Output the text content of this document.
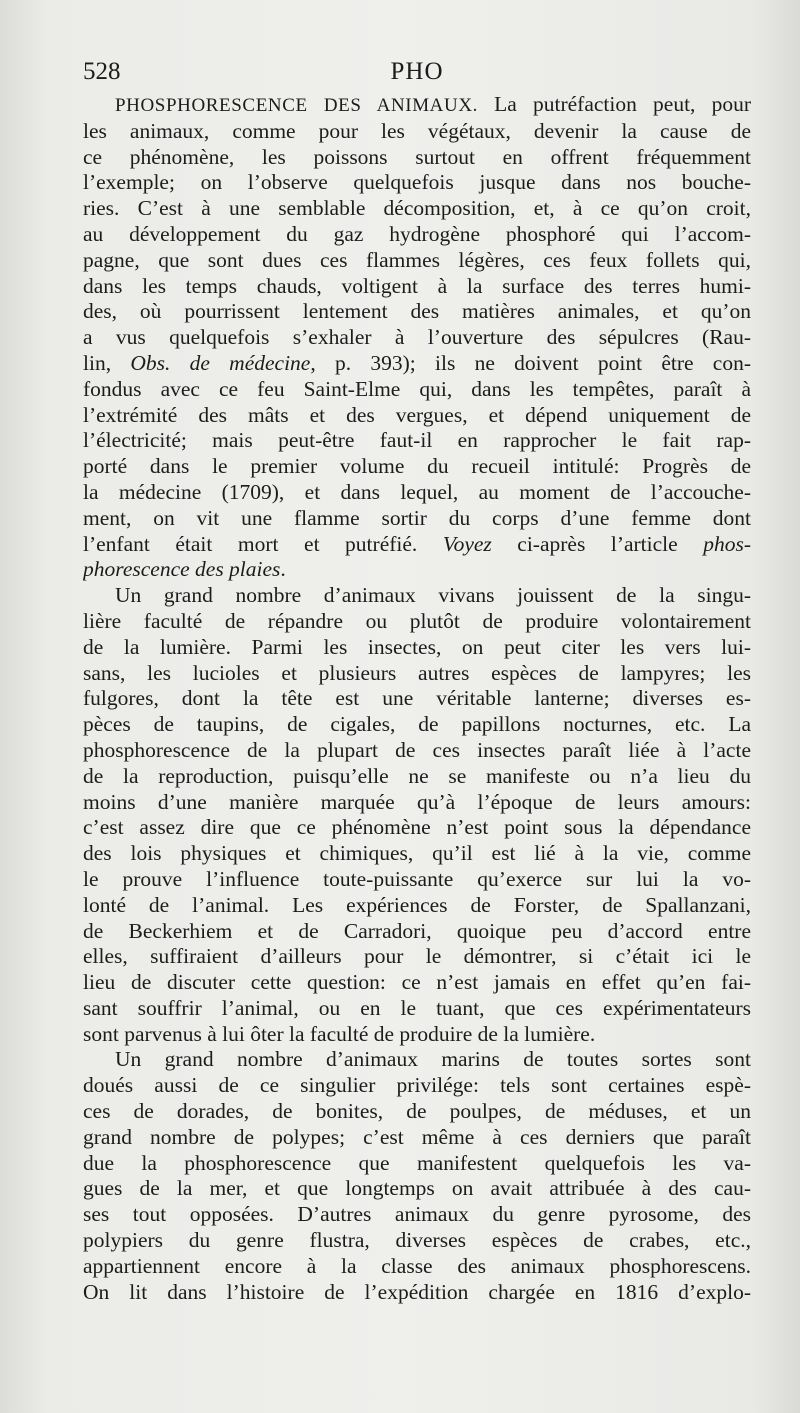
528	PHO
PHOSPHORESCENCE DES ANIMAUX. La putréfaction peut, pour
les animaux, comme pour les végétaux, devenir la cause de
ce phénomène, les poissons surtout en offrent fréquemment
l’exemple; on l’observe quelquefois jusque dans nos bouche-
ries. C’est à une semblable décomposition, et, à ce qu’on croit,
au développement du gaz hydrogène phosphoré qui l’accom-
pagne, que sont dues ces flammes légères, ces feux follets qui,
dans les temps chauds, voltigent à la surface des terres humi-
des, où pourrissent lentement des matières animales, et qu’on
a vus quelquefois s’exhaler à l’ouverture des sépulcres (Rau-
lin, Obs. de médecine, p. 393); ils ne doivent point être con-
fondus avec ce feu Saint-Elme qui, dans les tempêtes, paraît à
l’extrémité des mâts et des vergues, et dépend uniquement de
l’électricité; mais peut-être faut-il en rapprocher le fait rap-
porté dans le premier volume du recueil intitulé: Progrès de
la médecine (1709), et dans lequel, au moment de l’accouche-
ment, on vit une flamme sortir du corps d’une femme dont
l’enfant était mort et putréfié. Voyez ci-après l’article phos-
phorescence des plaies.
Un grand nombre d’animaux vivans jouissent de la singu-
lière faculté de répandre ou plutôt de produire volontairement
de la lumière. Parmi les insectes, on peut citer les vers lui-
sans, les lucioles et plusieurs autres espèces de lampyres; les
fulgores, dont la tête est une véritable lanterne; diverses es-
pèces de taupins, de cigales, de papillons nocturnes, etc. La
phosphorescence de la plupart de ces insectes paraît liée à l’acte
de la reproduction, puisqu’elle ne se manifeste ou n’a lieu du
moins d’une manière marquée qu’à l’époque de leurs amours:
c’est assez dire que ce phénomène n’est point sous la dépendance
des lois physiques et chimiques, qu’il est lié à la vie, comme
le prouve l’influence toute-puissante qu’exerce sur lui la vo-
lonté de l’animal. Les expériences de Forster, de Spallanzani,
de Beckerhiem et de Carradori, quoique peu d’accord entre
elles, suffiraient d’ailleurs pour le démontrer, si c’était ici le
lieu de discuter cette question: ce n’est jamais en effet qu’en fai-
sant souffrir l’animal, ou en le tuant, que ces expérimentateurs
sont parvenus à lui ôter la faculté de produire de la lumière.
Un grand nombre d’animaux marins de toutes sortes sont
doués aussi de ce singulier privilége: tels sont certaines espè-
ces de dorades, de bonites, de poulpes, de méduses, et un
grand nombre de polypes; c’est même à ces derniers que paraît
due la phosphorescence que manifestent quelquefois les va-
gues de la mer, et que longtemps on avait attribuée à des cau-
ses tout opposées. D’autres animaux du genre pyrosome, des
polypiers du genre flustra, diverses espèces de crabes, etc.,
appartiennent encore à la classe des animaux phosphorescens.
On lit dans l’histoire de l’expédition chargée en 1816 d’explo-
